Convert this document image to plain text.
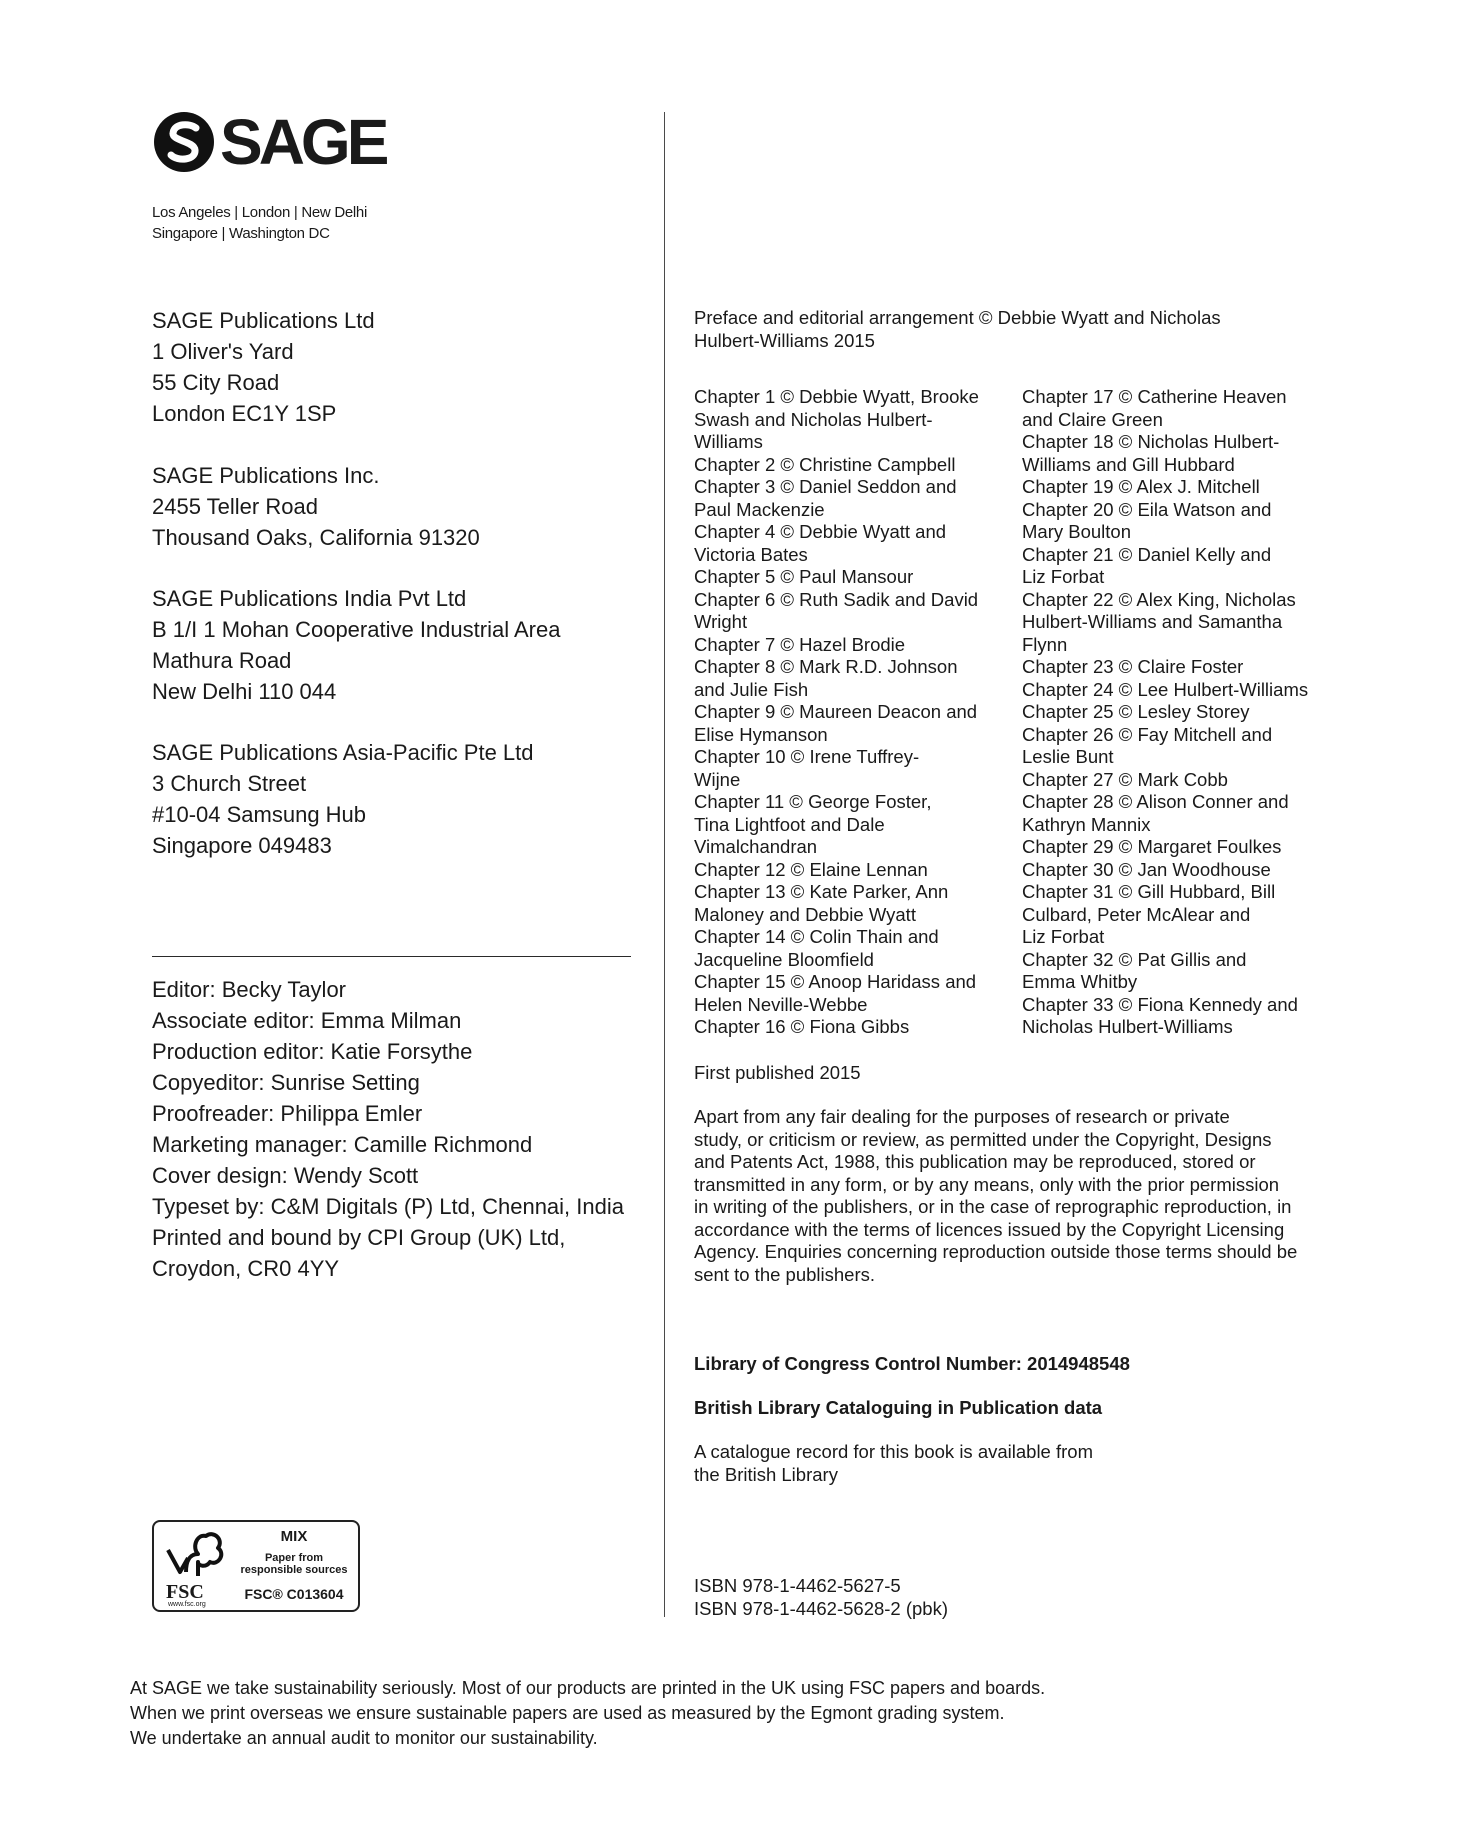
SAGE
Los Angeles | London | New Delhi
Singapore | Washington DC
SAGE Publications Ltd
1 Oliver's Yard
55 City Road
London EC1Y 1SP
SAGE Publications Inc.
2455 Teller Road
Thousand Oaks, California 91320
SAGE Publications India Pvt Ltd
B 1/I 1 Mohan Cooperative Industrial Area
Mathura Road
New Delhi 110 044
SAGE Publications Asia-Pacific Pte Ltd
3 Church Street
#10-04 Samsung Hub
Singapore 049483
Editor: Becky Taylor
Associate editor: Emma Milman
Production editor: Katie Forsythe
Copyeditor: Sunrise Setting
Proofreader: Philippa Emler
Marketing manager: Camille Richmond
Cover design: Wendy Scott
Typeset by: C&M Digitals (P) Ltd, Chennai, India
Printed and bound by CPI Group (UK) Ltd,
Croydon, CR0 4YY
FSC
www.fsc.org
MIX
Paper from
responsible sources
FSC® C013604
Preface and editorial arrangement © Debbie Wyatt and Nicholas
Hulbert-Williams 2015
Chapter 1 © Debbie Wyatt, Brooke
Swash and Nicholas Hulbert-
Williams
Chapter 2 © Christine Campbell
Chapter 3 © Daniel Seddon and
Paul Mackenzie
Chapter 4 © Debbie Wyatt and
Victoria Bates
Chapter 5 © Paul Mansour
Chapter 6 © Ruth Sadik and David
Wright
Chapter 7 © Hazel Brodie
Chapter 8 © Mark R.D. Johnson
and Julie Fish
Chapter 9 © Maureen Deacon and
Elise Hymanson
Chapter 10 © Irene Tuffrey-
Wijne
Chapter 11 © George Foster,
Tina Lightfoot and Dale
Vimalchandran
Chapter 12 © Elaine Lennan
Chapter 13 © Kate Parker, Ann
Maloney and Debbie Wyatt
Chapter 14 © Colin Thain and
Jacqueline Bloomfield
Chapter 15 © Anoop Haridass and
Helen Neville-Webbe
Chapter 16 © Fiona Gibbs
Chapter 17 © Catherine Heaven
and Claire Green
Chapter 18 © Nicholas Hulbert-
Williams and Gill Hubbard
Chapter 19 © Alex J. Mitchell
Chapter 20 © Eila Watson and
Mary Boulton
Chapter 21 © Daniel Kelly and
Liz Forbat
Chapter 22 © Alex King, Nicholas
Hulbert-Williams and Samantha
Flynn
Chapter 23 © Claire Foster
Chapter 24 © Lee Hulbert-Williams
Chapter 25 © Lesley Storey
Chapter 26 © Fay Mitchell and
Leslie Bunt
Chapter 27 © Mark Cobb
Chapter 28 © Alison Conner and
Kathryn Mannix
Chapter 29 © Margaret Foulkes
Chapter 30 © Jan Woodhouse
Chapter 31 © Gill Hubbard, Bill
Culbard, Peter McAlear and
Liz Forbat
Chapter 32 © Pat Gillis and
Emma Whitby
Chapter 33 © Fiona Kennedy and
Nicholas Hulbert-Williams
First published 2015
Apart from any fair dealing for the purposes of research or private
study, or criticism or review, as permitted under the Copyright, Designs
and Patents Act, 1988, this publication may be reproduced, stored or
transmitted in any form, or by any means, only with the prior permission
in writing of the publishers, or in the case of reprographic reproduction, in
accordance with the terms of licences issued by the Copyright Licensing
Agency. Enquiries concerning reproduction outside those terms should be
sent to the publishers.
Library of Congress Control Number: 2014948548
British Library Cataloguing in Publication data
A catalogue record for this book is available from
the British Library
ISBN 978-1-4462-5627-5
ISBN 978-1-4462-5628-2 (pbk)
At SAGE we take sustainability seriously. Most of our products are printed in the UK using FSC papers and boards.
When we print overseas we ensure sustainable papers are used as measured by the Egmont grading system.
We undertake an annual audit to monitor our sustainability.
